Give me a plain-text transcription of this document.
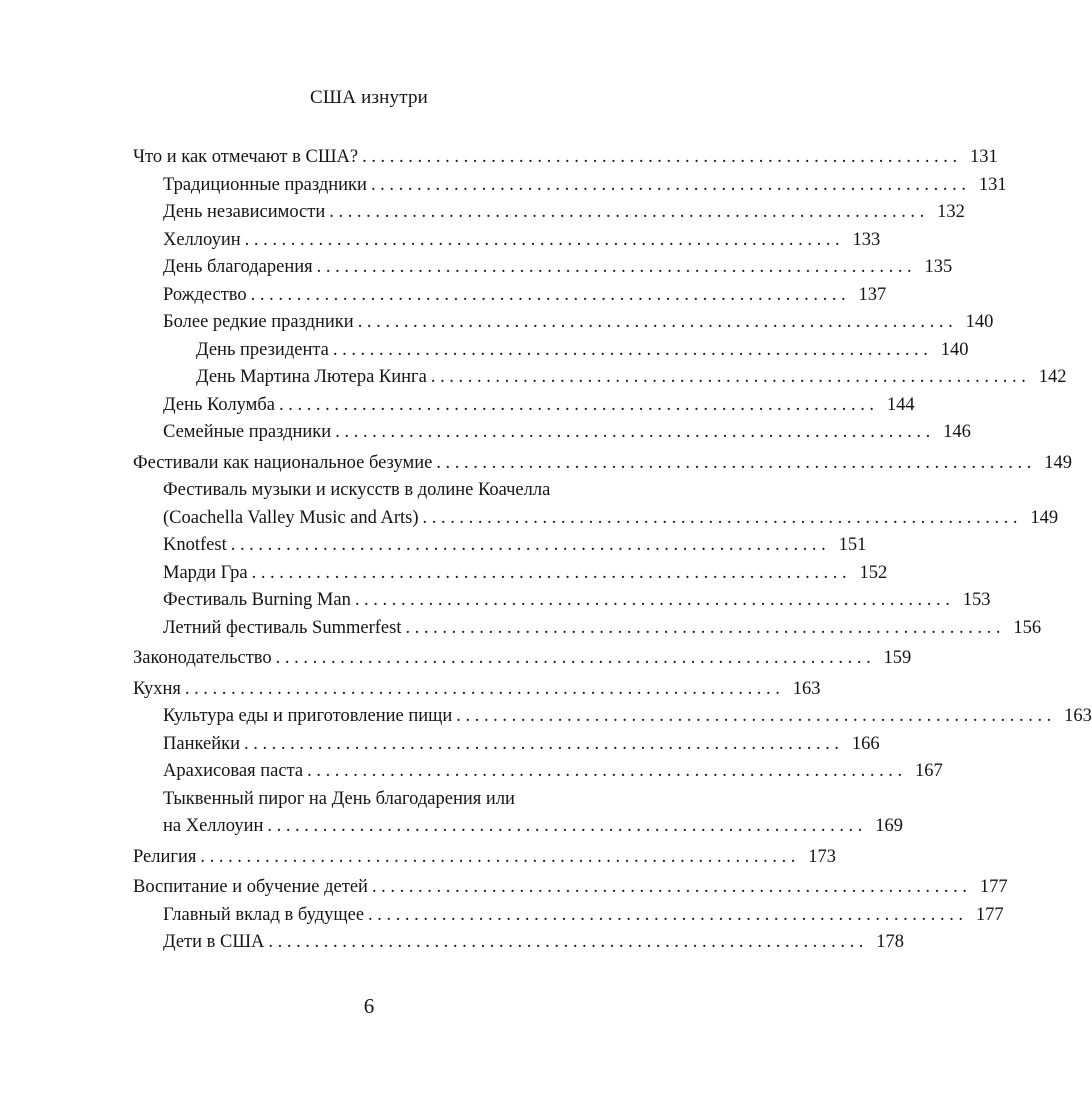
США изнутри
Что и как отмечают в США? ................................................................. 131
Традиционные праздники ................................................................. 131
День независимости ................................................................. 132
Хеллоуин ................................................................. 133
День благодарения ................................................................. 135
Рождество ................................................................. 137
Более редкие праздники ................................................................. 140
День президента ................................................................. 140
День Мартина Лютера Кинга ................................................................. 142
День Колумба ................................................................. 144
Семейные праздники ................................................................. 146
Фестивали как национальное безумие ................................................................. 149
Фестиваль музыки и искусств в долине Коачелла
(Coachella Valley Music and Arts) ................................................................. 149
Knotfest ................................................................. 151
Марди Гра ................................................................. 152
Фестиваль Burning Man ................................................................. 153
Летний фестиваль Summerfest ................................................................. 156
Законодательство ................................................................. 159
Кухня ................................................................. 163
Культура еды и приготовление пищи ................................................................. 163
Панкейки ................................................................. 166
Арахисовая паста ................................................................. 167
Тыквенный пирог на День благодарения или
на Хеллоуин ................................................................. 169
Религия ................................................................. 173
Воспитание и обучение детей ................................................................. 177
Главный вклад в будущее ................................................................. 177
Дети в США ................................................................. 178
6
